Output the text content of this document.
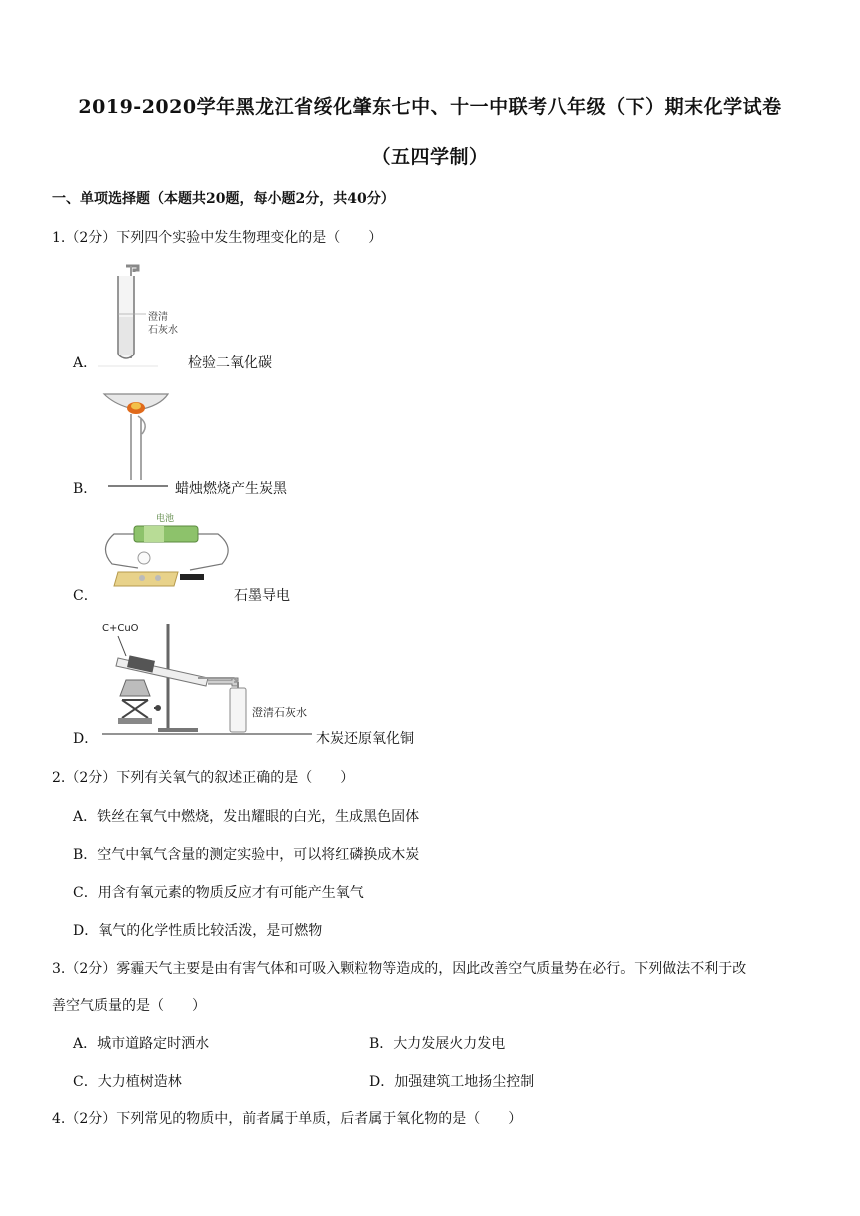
2019-2020学年黑龙江省绥化肇东七中、十一中联考八年级（下）期末化学试卷
（五四学制）
一、单项选择题（本题共20题，每小题2分，共40分）
1.（2分）下列四个实验中发生物理变化的是（　　）
A．
澄清
石灰水
检验二氧化碳
B．	蜡烛燃烧产生炭黑
C．
电池
石墨导电
D．
C+CuO
澄清石灰水
木炭还原氧化铜
2.（2分）下列有关氧气的叙述正确的是（　　）
A．铁丝在氧气中燃烧，发出耀眼的白光，生成黑色固体
B．空气中氧气含量的测定实验中，可以将红磷换成木炭
C．用含有氧元素的物质反应才有可能产生氧气
D．氧气的化学性质比较活泼，是可燃物
3.（2分）雾霾天气主要是由有害气体和可吸入颗粒物等造成的，因此改善空气质量势在必行。下列做法不利于改
善空气质量的是（　　）
A．城市道路定时洒水	B．大力发展火力发电
C．大力植树造林	D．加强建筑工地扬尘控制
4.（2分）下列常见的物质中，前者属于单质，后者属于氧化物的是（　　）
